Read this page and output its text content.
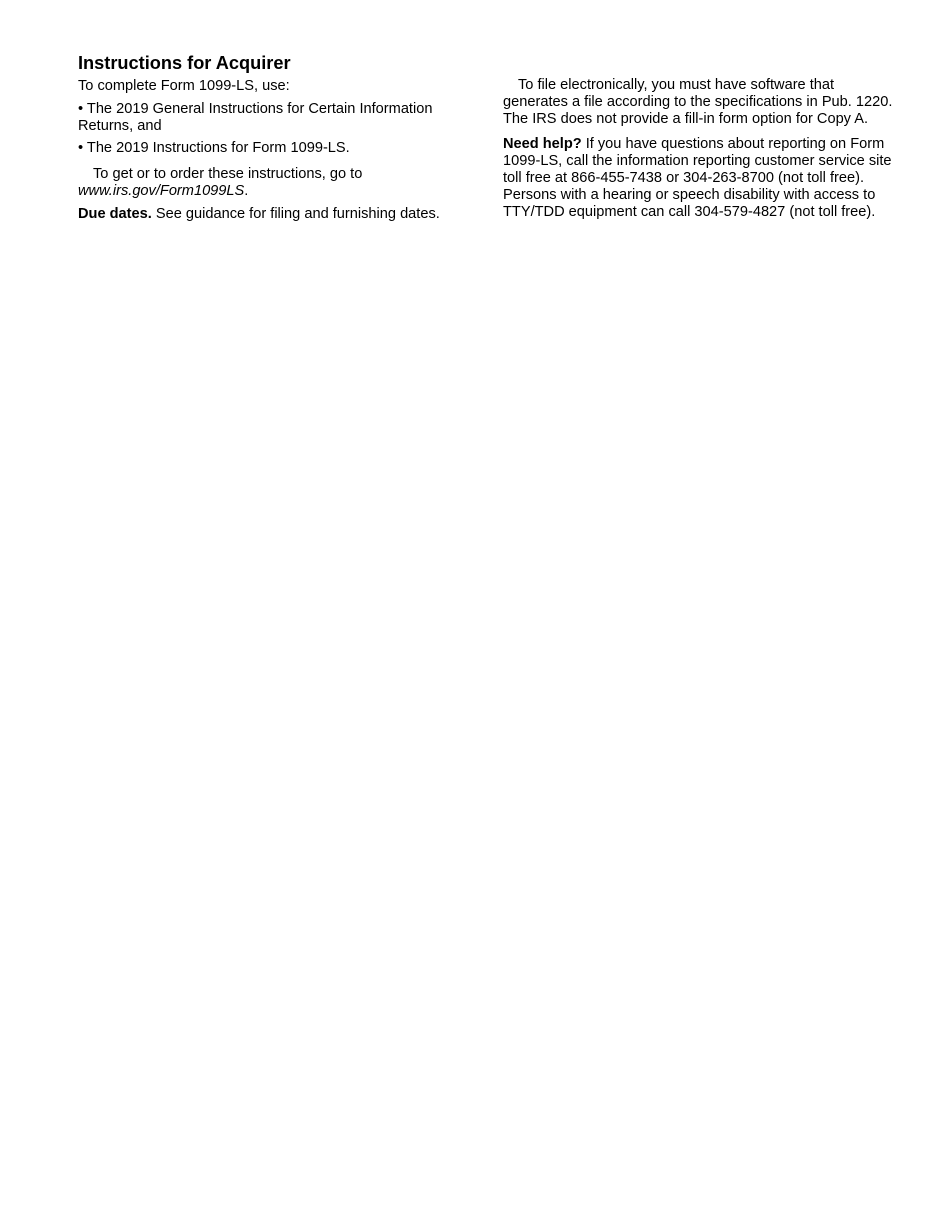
Instructions for Acquirer

To complete Form 1099-LS, use:

• The 2019 General Instructions for Certain Information Returns, and

• The 2019 Instructions for Form 1099-LS.

To get or to order these instructions, go to
www.irs.gov/Form1099LS.

Due dates. See guidance for filing and furnishing dates.

To file electronically, you must have software that generates a file according to the specifications in Pub. 1220. The IRS does not provide a fill-in form option for Copy A.

Need help? If you have questions about reporting on Form 1099-LS, call the information reporting customer service site toll free at 866-455-7438 or 304-263-8700 (not toll free). Persons with a hearing or speech disability with access to TTY/TDD equipment can call 304-579-4827 (not toll free).
